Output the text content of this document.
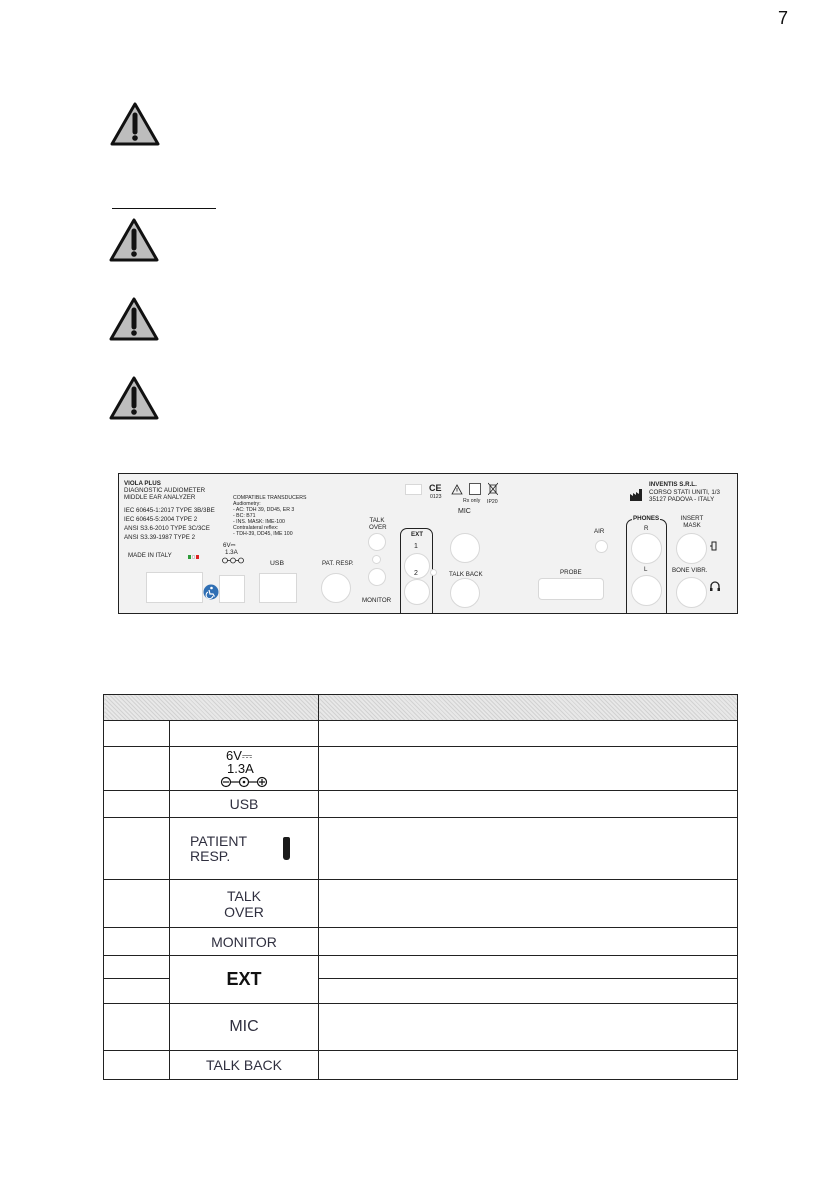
7
VIOLA PLUS
DIAGNOSTIC AUDIOMETER
MIDDLE EAR ANALYZER
IEC 60645-1:2017 TYPE 3B/3BE
IEC 60645-5:2004 TYPE 2
ANSI S3.6-2010 TYPE 3C/3CE
ANSI S3.39-1987 TYPE 2
MADE IN ITALY
6V⎓
1.3A
USB	PAT. RESP.
COMPATIBLE TRANSDUCERS
Audiometry:
- AC: TDH 39, DD45, ER 3
- BC: B71
- INS. MASK: IME-100
Contralateral reflex:
- TDH-39, DD45, IME 100
TALK OVER
MONITOR
EXT
1
2
MIC
TALK BACK
CE
0123
Rx only IP20
PROBE
AIR
PHONES
R
L
INSERT MASK
BONE VIBR.
INVENTIS S.R.L.
CORSO STATI UNITI, 1/3
35127 PADOVA - ITALY

	6V⎓
1.3A	

	USB	

	PATIENT
RESP.	

	TALK
OVER	

	MONITOR	
	EXT	

	MIC	
	TALK BACK	
